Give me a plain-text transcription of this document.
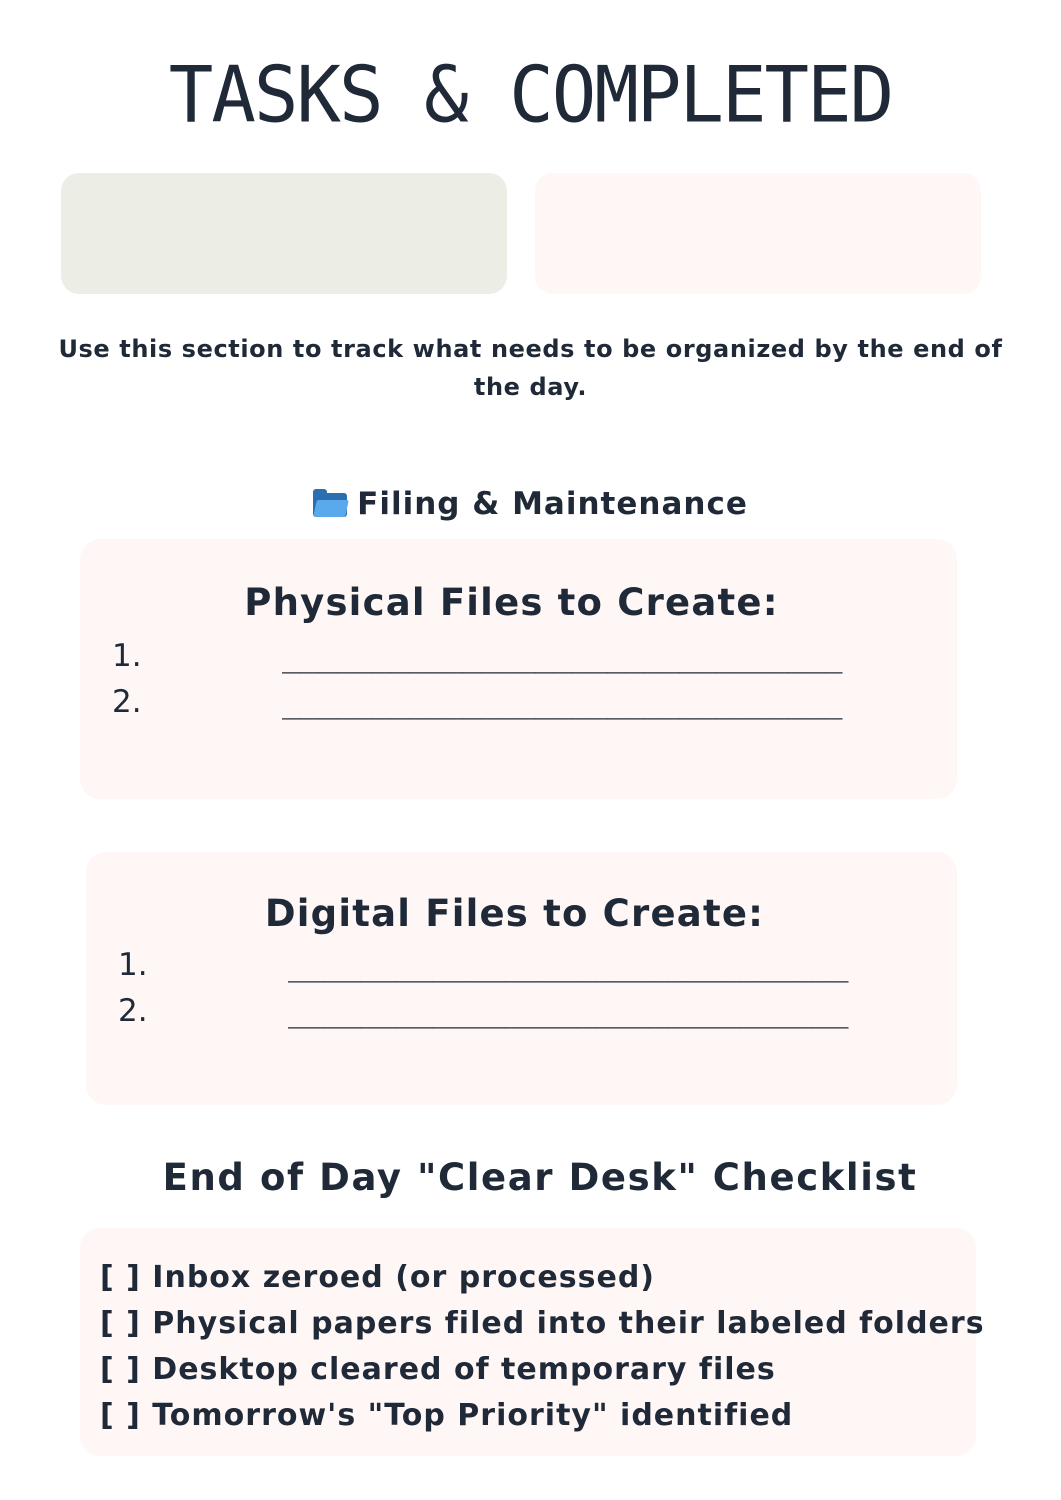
TASKS & COMPLETED
Use this section to track what needs to be organized by the end of the day.
Filing & Maintenance
Physical Files to Create:
1.	_______________________________
2.	_______________________________
Digital Files to Create:
1.	_______________________________
2.	_______________________________
End of Day "Clear Desk" Checklist
[ ] Inbox zeroed (or processed)
[ ] Physical papers filed into their labeled folders
[ ] Desktop cleared of temporary files
[ ] Tomorrow's "Top Priority" identified
